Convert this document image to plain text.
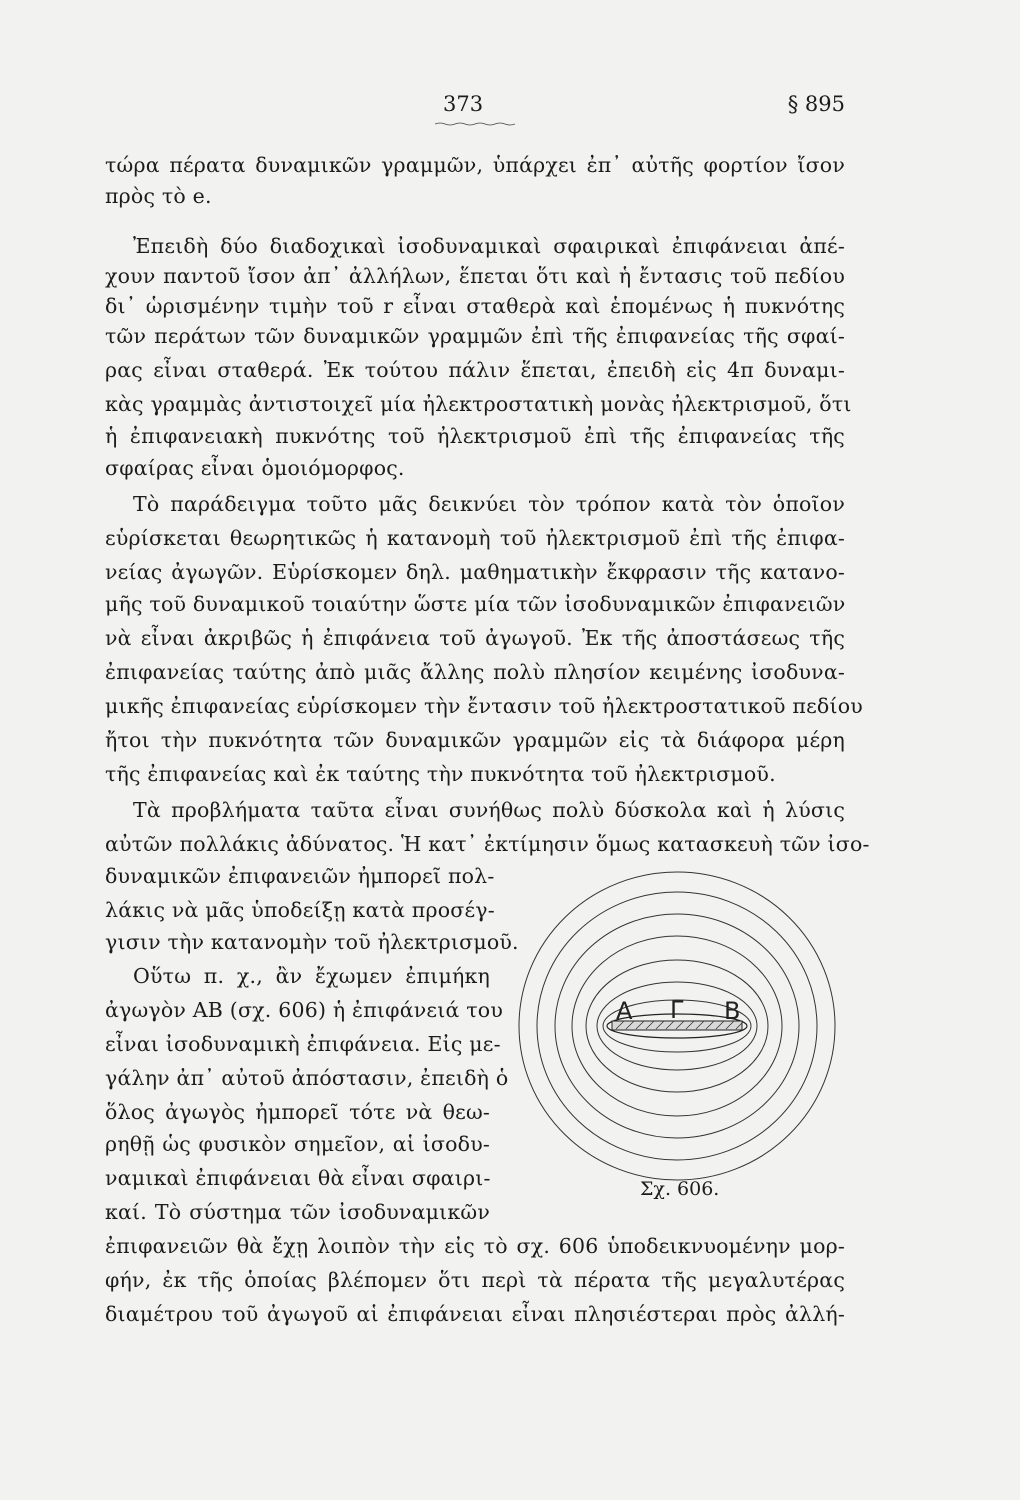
373	§ 895
τώρα πέρατα δυναμικῶν γραμμῶν, ὑπάρχει ἐπ᾽ αὐτῆς φορτίον ἴσον
πρὸς τὸ e.
Ἐπειδὴ δύο διαδοχικαὶ ἰσοδυναμικαὶ σφαιρικαὶ ἐπιφάνειαι ἀπέ-
χουν παντοῦ ἴσον ἀπ᾽ ἀλλήλων, ἕπεται ὅτι καὶ ἡ ἔντασις τοῦ πεδίου
δι᾽ ὡρισμένην τιμὴν τοῦ r εἶναι σταθερὰ καὶ ἑπομένως ἡ πυκνότης
τῶν περάτων τῶν δυναμικῶν γραμμῶν ἐπὶ τῆς ἐπιφανείας τῆς σφαί-
ρας εἶναι σταθερά. Ἐκ τούτου πάλιν ἕπεται, ἐπειδὴ εἰς 4π δυναμι-
κὰς γραμμὰς ἀντιστοιχεῖ μία ἠλεκτροστατικὴ μονὰς ἠλεκτρισμοῦ, ὅτι
ἡ ἐπιφανειακὴ πυκνότης τοῦ ἠλεκτρισμοῦ ἐπὶ τῆς ἐπιφανείας τῆς
σφαίρας εἶναι ὁμοιόμορφος.
Τὸ παράδειγμα τοῦτο μᾶς δεικνύει τὸν τρόπον κατὰ τὸν ὁποῖον
εὑρίσκεται θεωρητικῶς ἡ κατανομὴ τοῦ ἠλεκτρισμοῦ ἐπὶ τῆς ἐπιφα-
νείας ἀγωγῶν. Εὑρίσκομεν δηλ. μαθηματικὴν ἔκφρασιν τῆς κατανο-
μῆς τοῦ δυναμικοῦ τοιαύτην ὥστε μία τῶν ἰσοδυναμικῶν ἐπιφανειῶν
νὰ εἶναι ἀκριβῶς ἡ ἐπιφάνεια τοῦ ἀγωγοῦ. Ἐκ τῆς ἀποστάσεως τῆς
ἐπιφανείας ταύτης ἀπὸ μιᾶς ἄλλης πολὺ πλησίον κειμένης ἰσοδυνα-
μικῆς ἐπιφανείας εὑρίσκομεν τὴν ἔντασιν τοῦ ἠλεκτροστατικοῦ πεδίου
ἤτοι τὴν πυκνότητα τῶν δυναμικῶν γραμμῶν εἰς τὰ διάφορα μέρη
τῆς ἐπιφανείας καὶ ἐκ ταύτης τὴν πυκνότητα τοῦ ἠλεκτρισμοῦ.
Τὰ προβλήματα ταῦτα εἶναι συνήθως πολὺ δύσκολα καὶ ἡ λύσις
αὐτῶν πολλάκις ἀδύνατος. Ἡ κατ᾽ ἐκτίμησιν ὅμως κατασκευὴ τῶν ἰσο-
δυναμικῶν ἐπιφανειῶν ἠμπορεῖ πολ-
λάκις νὰ μᾶς ὑποδείξῃ κατὰ προσέγ-
γισιν τὴν κατανομὴν τοῦ ἠλεκτρισμοῦ.
Οὕτω π. χ., ἂν ἔχωμεν ἐπιμήκη
ἀγωγὸν ΑΒ (σχ. 606) ἡ ἐπιφάνειά του
εἶναι ἰσοδυναμικὴ ἐπιφάνεια. Εἰς με-
γάλην ἀπ᾽ αὐτοῦ ἀπόστασιν, ἐπειδὴ ὁ
ὅλος ἀγωγὸς ἠμπορεῖ τότε νὰ θεω-
ρηθῇ ὡς φυσικὸν σημεῖον, αἱ ἰσοδυ-
ναμικαὶ ἐπιφάνειαι θὰ εἶναι σφαιρι-
καί. Τὸ σύστημα τῶν ἰσοδυναμικῶν
ἐπιφανειῶν θὰ ἔχῃ λοιπὸν τὴν εἰς τὸ σχ. 606 ὑποδεικνυομένην μορ-
φήν, ἐκ τῆς ὁποίας βλέπομεν ὅτι περὶ τὰ πέρατα τῆς μεγαλυτέρας
διαμέτρου τοῦ ἀγωγοῦ αἱ ἐπιφάνειαι εἶναι πλησιέστεραι πρὸς ἀλλή-
Α Γ Β
Σχ. 606.
